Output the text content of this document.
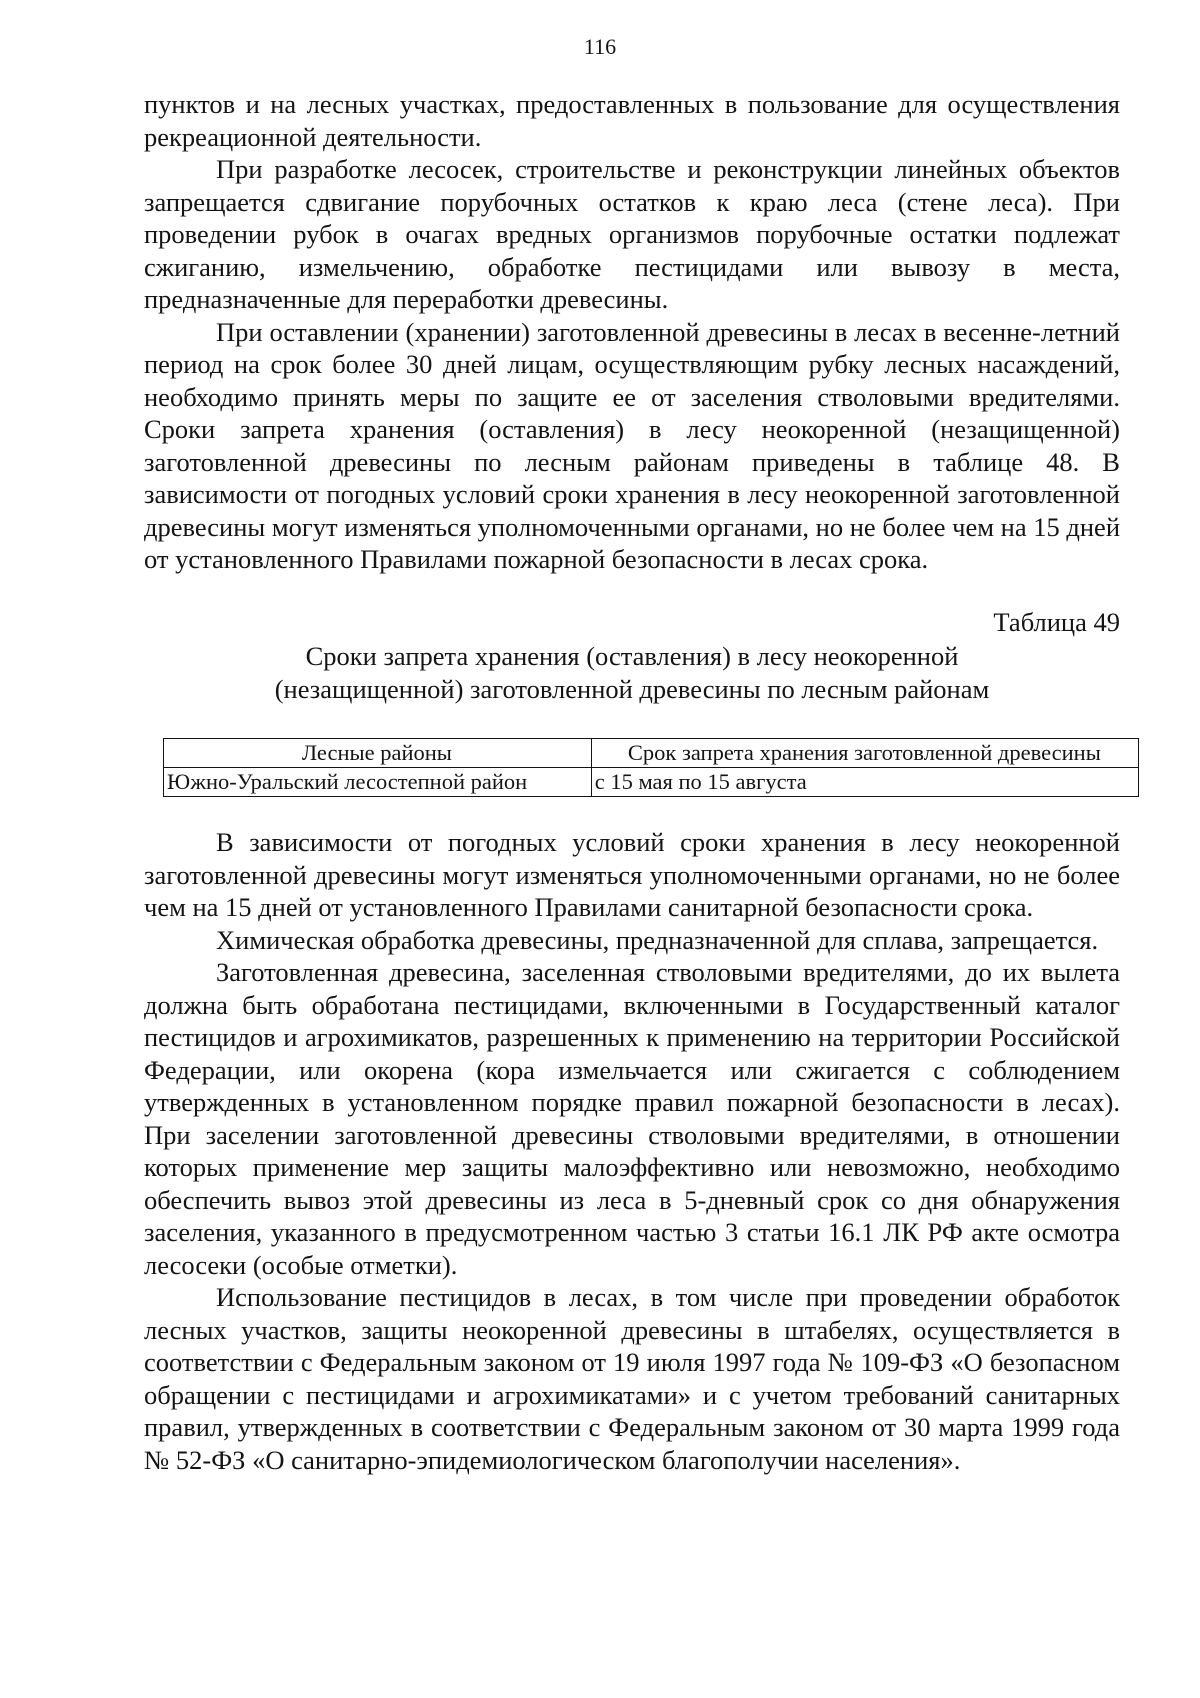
116

пунктов и на лесных участках, предоставленных в пользование для осуществления рекреационной деятельности.

При разработке лесосек, строительстве и реконструкции линейных объектов запрещается сдвигание порубочных остатков к краю леса (стене леса). При проведении рубок в очагах вредных организмов порубочные остатки подлежат сжиганию, измельчению, обработке пестицидами или вывозу в места, предназначенные для переработки древесины.

При оставлении (хранении) заготовленной древесины в лесах в весенне-летний период на срок более 30 дней лицам, осуществляющим рубку лесных насаждений, необходимо принять меры по защите ее от заселения стволовыми вредителями. Сроки запрета хранения (оставления) в лесу неокоренной (незащищенной) заготовленной древесины по лесным районам приведены в таблице 48. В зависимости от погодных условий сроки хранения в лесу неокоренной заготовленной древесины могут изменяться уполномоченными органами, но не более чем на 15 дней от установленного Правилами пожарной безопасности в лесах срока.

Таблица 49
Сроки запрета хранения (оставления) в лесу неокоренной
(незащищенной) заготовленной древесины по лесным районам
Лесные районы	Срок запрета хранения заготовленной древесины
Южно-Уральский лесостепной район	с 15 мая по 15 августа

В зависимости от погодных условий сроки хранения в лесу неокоренной заготовленной древесины могут изменяться уполномоченными органами, но не более чем на 15 дней от установленного Правилами санитарной безопасности срока.

Химическая обработка древесины, предназначенной для сплава, запрещается.

Заготовленная древесина, заселенная стволовыми вредителями, до их вылета должна быть обработана пестицидами, включенными в Государственный каталог пестицидов и агрохимикатов, разрешенных к применению на территории Российской Федерации, или окорена (кора измельчается или сжигается с соблюдением утвержденных в установленном порядке правил пожарной безопасности в лесах). При заселении заготовленной древесины стволовыми вредителями, в отношении которых применение мер защиты малоэффективно или невозможно, необходимо обеспечить вывоз этой древесины из леса в 5-дневный срок со дня обнаружения заселения, указанного в предусмотренном частью 3 статьи 16.1 ЛК РФ акте осмотра лесосеки (особые отметки).

Использование пестицидов в лесах, в том числе при проведении обработок лесных участков, защиты неокоренной древесины в штабелях, осуществляется в соответствии с Федеральным законом от 19 июля 1997 года № 109-ФЗ «О безопасном обращении с пестицидами и агрохимикатами» и с учетом требований санитарных правил, утвержденных в соответствии с Федеральным законом от 30 марта 1999 года № 52-ФЗ «О санитарно-эпидемиологическом благополучии населения».
